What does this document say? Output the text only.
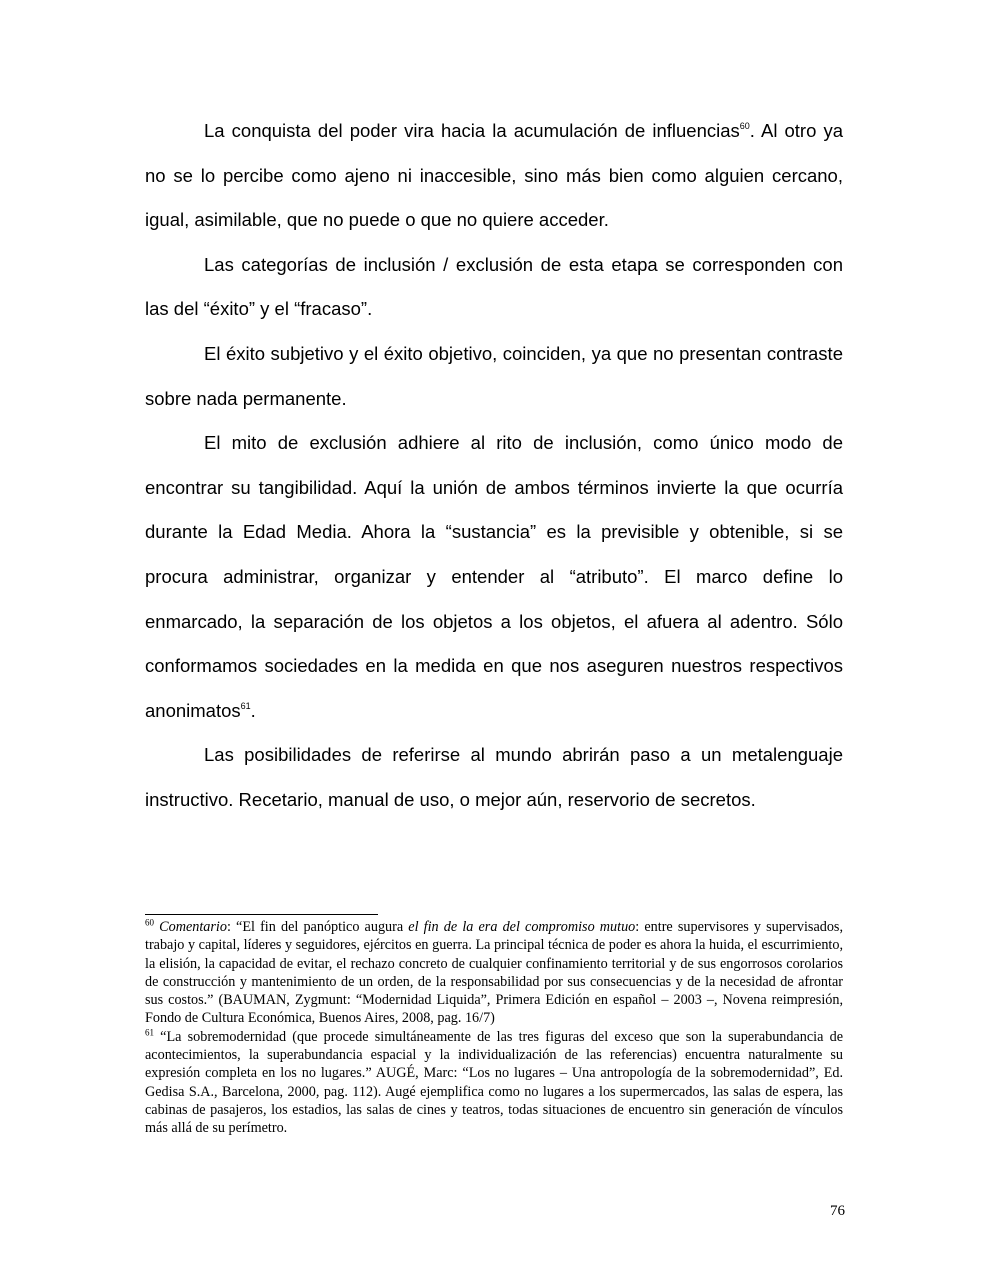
La conquista del poder vira hacia la acumulación de influencias$^{60}$. Al otro ya no se lo percibe como ajeno ni inaccesible, sino más bien como alguien cercano, igual, asimilable, que no puede o que no quiere acceder.

Las categorías de inclusión / exclusión de esta etapa se corresponden con las del “éxito” y el “fracaso”.

El éxito subjetivo y el éxito objetivo, coinciden, ya que no presentan contraste sobre nada permanente.

El mito de exclusión adhiere al rito de inclusión, como único modo de encontrar su tangibilidad. Aquí la unión de ambos términos invierte la que ocurría durante la Edad Media. Ahora la “sustancia” es la previsible y obtenible, si se procura administrar, organizar y entender al “atributo”. El marco define lo enmarcado, la separación de los objetos a los objetos, el afuera al adentro. Sólo conformamos sociedades en la medida en que nos aseguren nuestros respectivos anonimatos$^{61}$.

Las posibilidades de referirse al mundo abrirán paso a un metalenguaje instructivo. Recetario, manual de uso, o mejor aún, reservorio de secretos.

$^{60}$ Comentario: “El fin del panóptico augura el fin de la era del compromiso mutuo: entre supervisores y supervisados, trabajo y capital, líderes y seguidores, ejércitos en guerra. La principal técnica de poder es ahora la huida, el escurrimiento, la elisión, la capacidad de evitar, el rechazo concreto de cualquier confinamiento territorial y de sus engorrosos corolarios de construcción y mantenimiento de un orden, de la responsabilidad por sus consecuencias y de la necesidad de afrontar sus costos.” (BAUMAN, Zygmunt: “Modernidad Liquida”, Primera Edición en español – 2003 –, Novena reimpresión, Fondo de Cultura Económica, Buenos Aires, 2008, pag. 16/7)

$^{61}$ “La sobremodernidad (que procede simultáneamente de las tres figuras del exceso que son la superabundancia de acontecimientos, la superabundancia espacial y la individualización de las referencias) encuentra naturalmente su expresión completa en los no lugares.” AUGÉ, Marc: “Los no lugares – Una antropología de la sobremodernidad”, Ed. Gedisa S.A., Barcelona, 2000, pag. 112). Augé ejemplifica como no lugares a los supermercados, las salas de espera, las cabinas de pasajeros, los estadios, las salas de cines y teatros, todas situaciones de encuentro sin generación de vínculos más allá de su perímetro.

76
